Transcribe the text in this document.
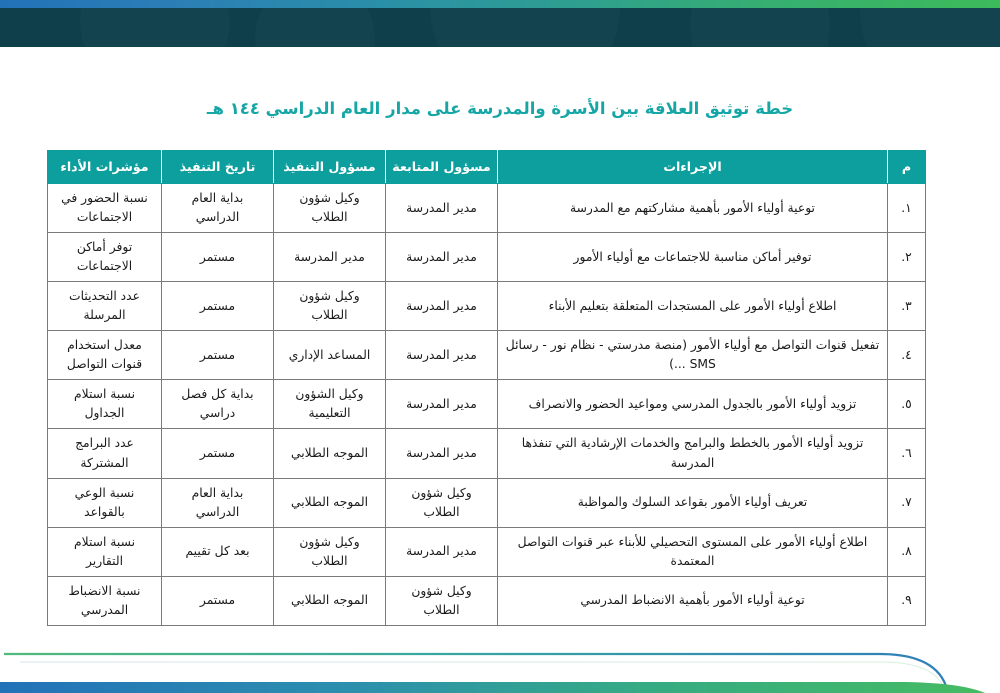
خطة توثيق العلاقة بين الأسرة والمدرسة على مدار العام الدراسي ١٤٤ هـ
م	الإجراءات	مسؤول المتابعة	مسؤول التنفيذ	تاريخ التنفيذ	مؤشرات الأداء
١.	توعية أولياء الأمور بأهمية مشاركتهم مع المدرسة	مدير المدرسة	وكيل شؤون الطلاب	بداية العام الدراسي	نسبة الحضور في الاجتماعات
٢.	توفير أماكن مناسبة للاجتماعات مع أولياء الأمور	مدير المدرسة	مدير المدرسة	مستمر	توفر أماكن الاجتماعات
٣.	اطلاع أولياء الأمور على المستجدات المتعلقة بتعليم الأبناء	مدير المدرسة	وكيل شؤون الطلاب	مستمر	عدد التحديثات المرسلة
٤.	تفعيل قنوات التواصل مع أولياء الأمور (منصة مدرستي - نظام نور - رسائل SMS ...)	مدير المدرسة	المساعد الإداري	مستمر	معدل استخدام قنوات التواصل
٥.	تزويد أولياء الأمور بالجدول المدرسي ومواعيد الحضور والانصراف	مدير المدرسة	وكيل الشؤون التعليمية	بداية كل فصل دراسي	نسبة استلام الجداول
٦.	تزويد أولياء الأمور بالخطط والبرامج والخدمات الإرشادية التي تنفذها المدرسة	مدير المدرسة	الموجه الطلابي	مستمر	عدد البرامج المشتركة
٧.	تعريف أولياء الأمور بقواعد السلوك والمواظبة	وكيل شؤون الطلاب	الموجه الطلابي	بداية العام الدراسي	نسبة الوعي بالقواعد
٨.	اطلاع أولياء الأمور على المستوى التحصيلي للأبناء عبر قنوات التواصل المعتمدة	مدير المدرسة	وكيل شؤون الطلاب	بعد كل تقييم	نسبة استلام التقارير
٩.	توعية أولياء الأمور بأهمية الانضباط المدرسي	وكيل شؤون الطلاب	الموجه الطلابي	مستمر	نسبة الانضباط المدرسي
